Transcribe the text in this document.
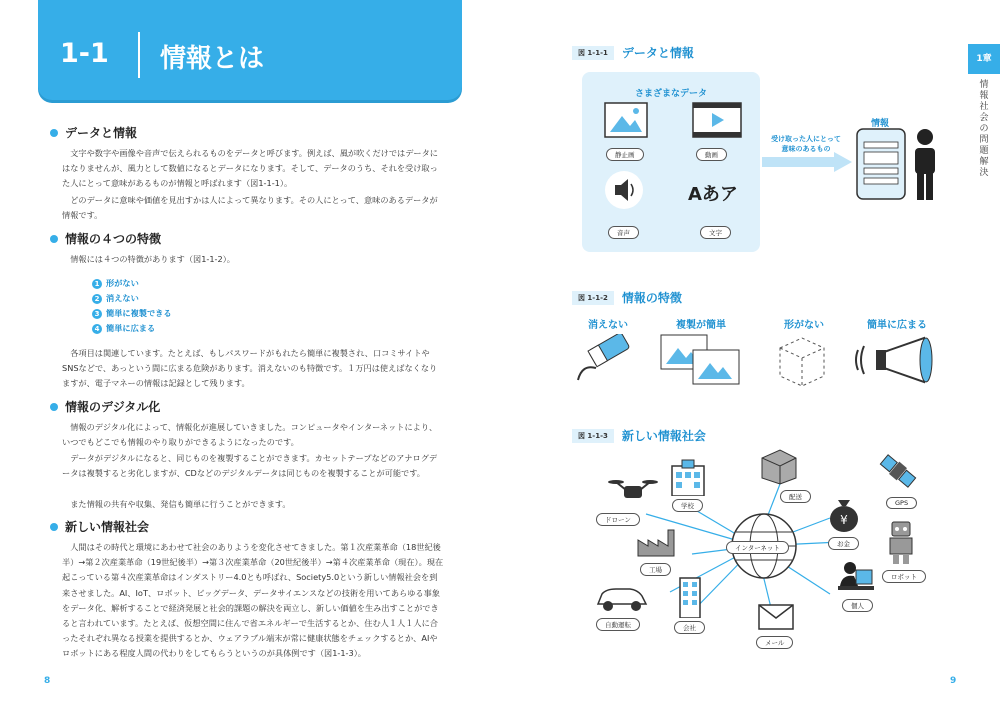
1-1 情報とは
データと情報
文字や数字や画像や音声で伝えられるものをデータと呼びます。例えば、風が吹くだけではデータにはなりませんが、風力として数値になるとデータになります。そして、データのうち、それを受け取った人にとって意味があるものが情報と呼ばれます（図1-1-1）。
どのデータに意味や価値を見出すかは人によって異なります。その人にとって、意味のあるデータが情報です。
情報の４つの特徴
情報には４つの特徴があります（図1-1-2）。
1 形がない
2 消えない
3 簡単に複製できる
4 簡単に広まる
各項目は関連しています。たとえば、もしパスワードがもれたら簡単に複製され、口コミサイトやSNSなどで、あっという間に広まる危険があります。消えないのも特徴です。１万円は使えばなくなりますが、電子マネーの情報は記録として残ります。
情報のデジタル化
情報のデジタル化によって、情報化が進展していきました。コンピュータやインターネットにより、いつでもどこでも情報のやり取りができるようになったのです。
データがデジタルになると、同じものを複製することができます。カセットテープなどのアナログデータは複製すると劣化しますが、CDなどのデジタルデータは同じものを複製することが可能です。
また情報の共有や収集、発信も簡単に行うことができます。
新しい情報社会
人間はその時代と環境にあわせて社会のありようを変化させてきました。第１次産業革命（18世紀後半）→第２次産業革命（19世紀後半）→第３次産業革命（20世紀後半）→第４次産業革命（現在）。現在起こっている第４次産業革命はインダストリー4.0とも呼ばれ、Society5.0という新しい情報社会を到来させました。AI、IoT、ロボット、ビッグデータ、データサイエンスなどの技術を用いてあらゆる事象をデータ化、解析することで経済発展と社会的課題の解決を両立し、新しい価値を生み出すことができると言われています。たとえば、仮想空間に住んで省エネルギーで生活するとか、住む人１人１人に合ったそれぞれ異なる授業を提供するとか、ウェアラブル端末が常に健康状態をチェックするとか、AIやロボットにある程度人間の代わりをしてもらうというのが具体例です（図1-1-3）。
8
1章
情報社会の問題解決
図 1-1-1	データと情報
さまざまなデータ
静止画	動画
音声
Aあア
文字
受け取った人にとって
意味のあるもの
情報
図 1-1-2	情報の特徴
消えない	複製が簡単	形がない	簡単に広まる
図 1-1-3	新しい情報社会
インターネット
ドローン
学校
配送
GPS
¥
お金
ロボット
工場
個人
自動運転	会社
メール
9
